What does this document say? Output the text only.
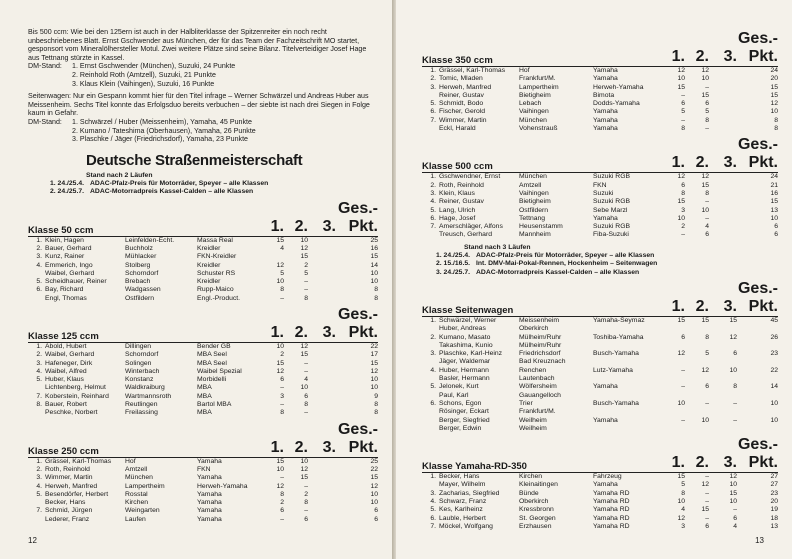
Bis 500 ccm: Wie bei den 125ern ist auch in der Halbliterklasse der Spitzenreiter ein noch recht unbeschriebenes Blatt. Ernst Gschwender aus München, der für das Team der Fachzeitschrift MO startet, gesponsort vom Mineralölhersteller Motul. Zwei weitere Plätze sind seine Bilanz. Titelverteidiger Josef Hage aus Tettnang stürzte in Kassel.

DM-Stand:	1. Ernst Gschwender (München), Suzuki, 24 Punkte
2. Reinhold Roth (Amtzell), Suzuki, 21 Punkte
3. Klaus Klein (Vaihingen), Suzuki, 16 Punkte

Seitenwagen: Nur ein Gespann kommt hier für den Titel infrage – Werner Schwärzel und Andreas Huber aus Meissenheim. Sechs Titel konnte das Erfolgsduo bereits verbuchen – der siebte ist nach drei Siegen in Folge kaum in Gefahr.

DM-Stand:	1. Schwärzel / Huber (Meissenheim), Yamaha, 45 Punkte
2. Kumano / Tateshima (Oberhausen), Yamaha, 26 Punkte
3. Plaschke / Jäger (Friedrichsdorf), Yamaha, 23 Punkte
Deutsche Straßenmeisterschaft
Stand nach 2 Läufen
1. 24./25.4. ADAC-Pfalz-Preis für Motorräder, Speyer – alle Klassen
2. 24./25.7. ADAC-Motorradpreis Kassel-Calden – alle Klassen
Klasse 50 ccm	1. 2. 3.
Ges.-Pkt.
1.	Klein, Hagen	Leinfelden-Echt.	Massa Real	15	10		25
2.	Bauer, Gerhard	Buchholz	Kreidler	4	12		16
3.	Kunz, Rainer	Mühlacker	FKN-Kreidler		15		15
4.	Emmerich, Ingo	Stolberg	Kreidler	12	2		14
	Waibel, Gerhard	Schorndorf	Schuster RS	5	5		10
5.	Scheidhauer, Reiner	Brebach	Kreidler	10	–		10
6.	Bay, Richard	Wadgassen	Rupp-Maico	8	–		8
	Engl, Thomas	Ostfildern	Engl.-Product.	–	8		8
Klasse 125 ccm	1. 2. 3.
Ges.-Pkt.
1.	Abold, Hubert	Dillingen	Bender GB	10	12		22
2.	Waibel, Gerhard	Schorndorf	MBA Seel	2	15		17
3.	Hafeneger, Dirk	Solingen	MBA Seel	15	–		15
4.	Waibel, Alfred	Winterbach	Waibel Spezial	12	–		12
5.	Huber, Klaus	Konstanz	Morbidelli	6	4		10
	Lichtenberg, Helmut	Waldkraiburg	MBA	–	10		10
7.	Koberstein, Reinhard	Wartmannsroth	MBA	3	6		9
8.	Bauer, Robert	Reutlingen	Bartol MBA	–	8		8
	Peschke, Norbert	Freilassing	MBA	8	–		8
Klasse 250 ccm	1. 2. 3.
Ges.-Pkt.
1.	Grässel, Karl-Thomas	Hof	Yamaha	15	10		25
2.	Roth, Reinhold	Amtzell	FKN	10	12		22
3.	Wimmer, Martin	München	Yamaha	–	15		15
4.	Herweh, Manfred	Lampertheim	Herweh-Yamaha	12	–		12
5.	Besendörfer, Herbert	Rosstal	Yamaha	8	2		10
	Becker, Hans	Kirchen	Yamaha	2	8		10
7.	Schmid, Jürgen	Weingarten	Yamaha	6	–		6
	Lederer, Franz	Laufen	Yamaha	–	6		6
12
Klasse 350 ccm	1. 2. 3.
Ges.-Pkt.
1.	Grässel, Karl-Thomas	Hof	Yamaha	12	12		24
2.	Tomic, Mladen	Frankfurt/M.	Yamaha	10	10		20
3.	Herweh, Manfred	Lampertheim	Herweh-Yamaha	15	–		15
	Reiner, Gustav	Bietigheim	Bimota	–	15		15
5.	Schmidt, Bodo	Lebach	Dodds-Yamaha	6	6		12
6.	Fischer, Gerold	Vaihingen	Yamaha	5	5		10
7.	Wimmer, Martin	München	Yamaha	–	8		8
	Eckl, Harald	Vohenstrauß	Yamaha	8	–		8
Klasse 500 ccm	1. 2. 3.
Ges.-Pkt.
1.	Gschwendner, Ernst	München	Suzuki RGB	12	12		24
2.	Roth, Reinhold	Amtzell	FKN	6	15		21
3.	Klein, Klaus	Vaihingen	Suzuki	8	8		16
4.	Reiner, Gustav	Bietigheim	Suzuki RGB	15	–		15
5.	Lang, Ulrich	Ostfildern	Sebe Marzl	3	10		13
6.	Hage, Josef	Tettnang	Yamaha	10	–		10
7.	Amerschläger, Alfons	Heusenstamm	Suzuki RGB	2	4		6
	Treusch, Gerhard	Mannheim	Fiba-Suzuki	–	6		6
Stand nach 3 Läufen
1. 24./25.4. ADAC-Pfalz-Preis für Motorräder, Speyer – alle Klassen
2. 15./16.5. Int. DMV-Mai-Pokal-Rennen, Hockenheim – Seitenwagen
3. 24./25.7. ADAC-Motorradpreis Kassel-Calden – alle Klassen
Klasse Seitenwagen	1. 2. 3.
Ges.-Pkt.
1.	Schwärzel, Werner	Meissenheim	Yamaha-Seymaz	15	15	15	45
	Huber, Andreas	Oberkirch					
2.	Kumano, Masato	Mülheim/Ruhr	Toshiba-Yamaha	6	8	12	26
	Takashima, Kunio	Mülheim/Ruhr					
3.	Plaschke, Karl-Heinz	Friedrichsdorf	Busch-Yamaha	12	5	6	23
	Jäger, Waldemar	Bad Kreuznach					
4.	Huber, Hermann	Renchen	Lutz-Yamaha	–	12	10	22
	Basler, Hermann	Lautenbach					
5.	Jelonek, Kurt	Wölfersheim	Yamaha	–	6	8	14
	Paul, Karl	Gauangelloch					
6.	Schons, Egon	Trier	Busch-Yamaha	10	–	–	10
	Rösinger, Eckart	Frankfurt/M.					
	Berger, Siegfried	Weilheim	Yamaha	–	10	–	10
	Berger, Edwin	Weilheim					
Klasse Yamaha-RD-350	1. 2. 3.
Ges.-Pkt.
1.	Becker, Hans	Kirchen	Fahrzeug	15	–	12	27
	Mayer, Wilhelm	Kleinaitingen	Yamaha	5	12	10	27
3.	Zacharias, Siegfried	Bünde	Yamaha RD	8	–	15	23
4.	Schwarz, Franz	Oberkirch	Yamaha RD	10	–	10	20
5.	Kes, Karlheinz	Kressbronn	Yamaha RD	4	15	–	19
6.	Lauble, Herbert	St. Georgen	Yamaha RD	12	–	6	18
7.	Möckel, Wolfgang	Erzhausen	Yamaha RD	3	6	4	13
13
